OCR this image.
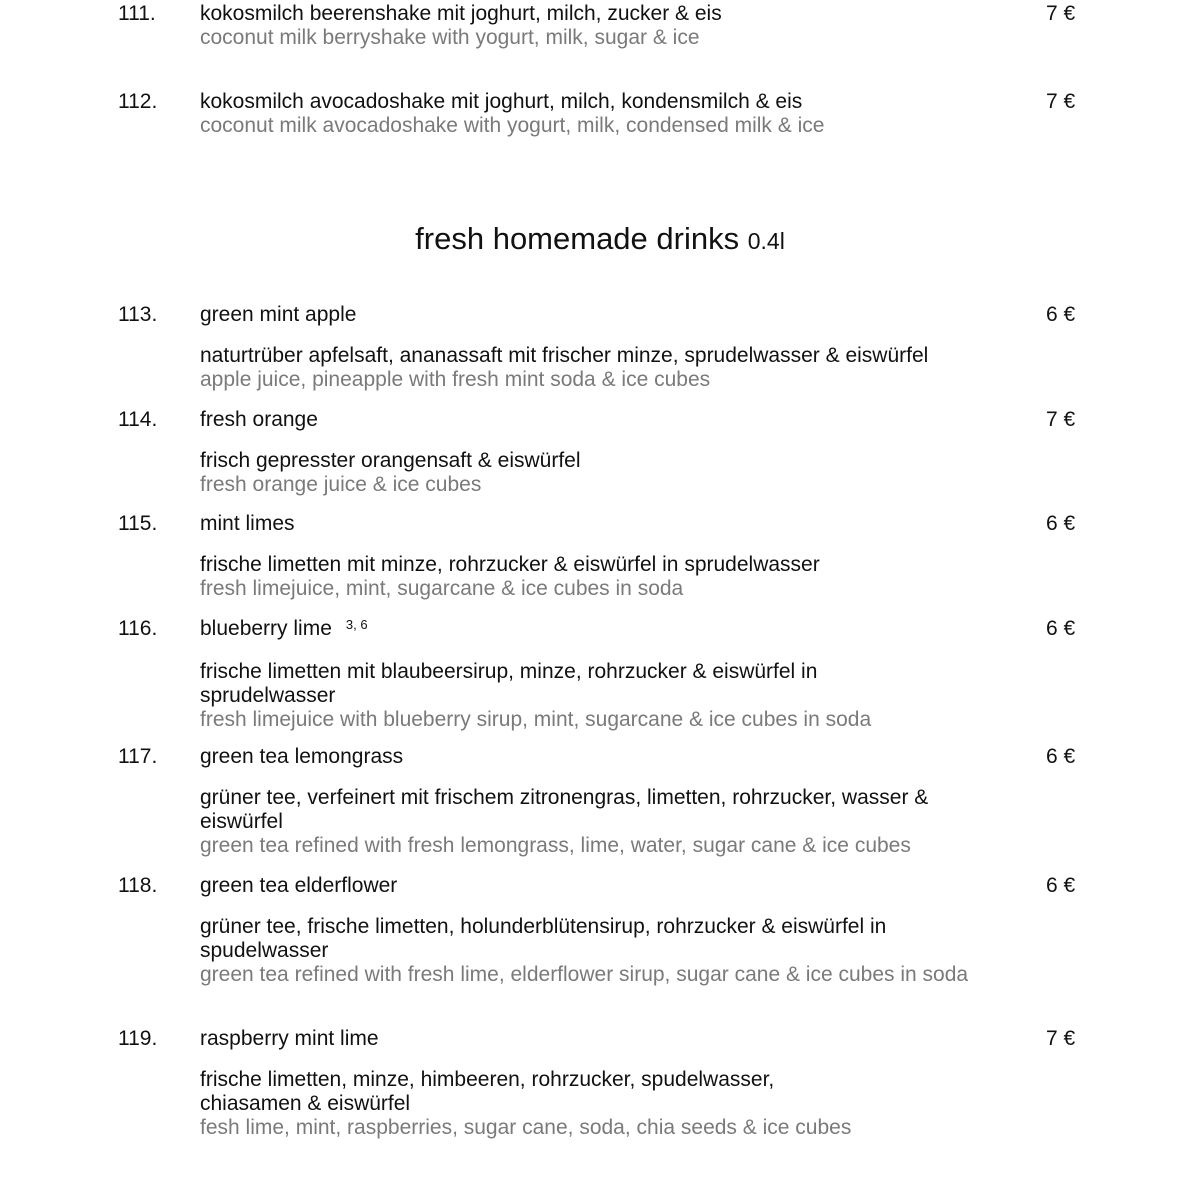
111. kokosmilch beerenshake mit joghurt, milch, zucker & eis
coconut milk berryshake with yogurt, milk, sugar & ice
7 €
112. kokosmilch avocadoshake mit joghurt, milch, kondensmilch & eis
coconut milk avocadoshake with yogurt, milk, condensed milk & ice
7 €
fresh homemade drinks 0.4l
113. green mint apple
naturtrüber apfelsaft, ananassaft mit frischer minze, sprudelwasser & eiswürfel
apple juice, pineapple with fresh mint soda & ice cubes
6 €
114. fresh orange
frisch gepresster orangensaft & eiswürfel
fresh orange juice & ice cubes
7 €
115. mint limes
frische limetten mit minze, rohrzucker & eiswürfel in sprudelwasser
fresh limejuice, mint, sugarcane & ice cubes in soda
6 €
116. blueberry lime $^{3, 6}$
frische limetten mit blaubeersirup, minze, rohrzucker & eiswürfel in sprudelwasser
fresh limejuice with blueberry sirup, mint, sugarcane & ice cubes in soda
6 €
117. green tea lemongrass
grüner tee, verfeinert mit frischem zitronengras, limetten, rohrzucker, wasser & eiswürfel
green tea refined with fresh lemongrass, lime, water, sugar cane & ice cubes
6 €
118. green tea elderflower
grüner tee, frische limetten, holunderblütensirup, rohrzucker & eiswürfel in spudelwasser
green tea refined with fresh lime, elderflower sirup, sugar cane & ice cubes in soda
6 €
119. raspberry mint lime
frische limetten, minze, himbeeren, rohrzucker, spudelwasser,
chiasamen & eiswürfel
fesh lime, mint, raspberries, sugar cane, soda, chia seeds & ice cubes
7 €
